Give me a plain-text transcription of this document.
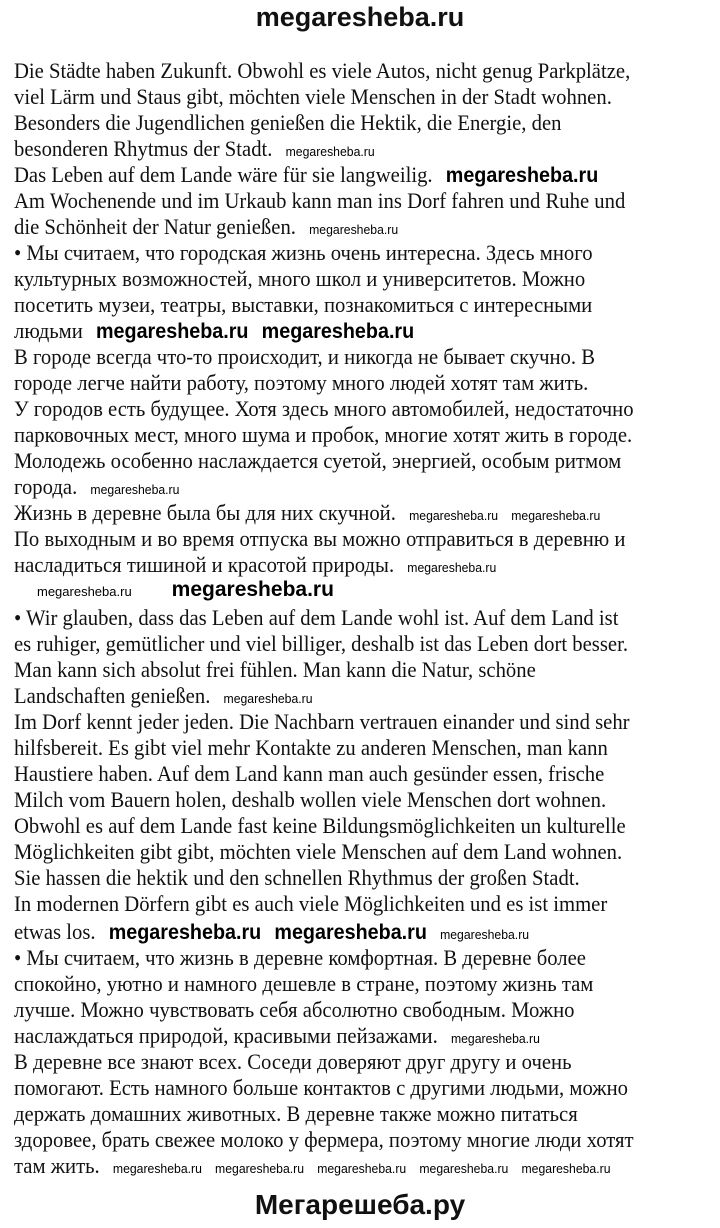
megaresheba.ru
Мегарешеба.ру
Die Städte haben Zukunft. Obwohl es viele Autos, nicht genug Parkplätze,
viel Lärm und Staus gibt, möchten viele Menschen in der Stadt wohnen.
Besonders die Jugendlichen genießen die Hektik, die Energie, den
besonderen Rhytmus der Stadt. megaresheba.ru
Das Leben auf dem Lande wäre für sie langweilig. megaresheba.ru
Am Wochenende und im Urkaub kann man ins Dorf fahren und Ruhe und
die Schönheit der Natur genießen. megaresheba.ru
• Мы считаем, что городская жизнь очень интересна. Здесь много
культурных возможностей, много школ и университетов. Можно
посетить музеи, театры, выставки, познакомиться с интересными
людьми megaresheba.ru megaresheba.ru
В городе всегда что-то происходит, и никогда не бывает скучно. В
городе легче найти работу, поэтому много людей хотят там жить.
У городов есть будущее. Хотя здесь много автомобилей, недостаточно
парковочных мест, много шума и пробок, многие хотят жить в городе.
Молодежь особенно наслаждается суетой, энергией, особым ритмом
города. megaresheba.ru
Жизнь в деревне была бы для них скучной. megaresheba.ru megaresheba.ru
По выходным и во время отпуска вы можно отправиться в деревню и
насладиться тишиной и красотой природы. megaresheba.ru
• Wir glauben, dass das Leben auf dem Lande wohl ist. Auf dem Land ist
es ruhiger, gemütlicher und viel billiger, deshalb ist das Leben dort besser.
Man kann sich absolut frei fühlen. Man kann die Natur, schöne
Landschaften genießen. megaresheba.ru
Im Dorf kennt jeder jeden. Die Nachbarn vertrauen einander und sind sehr
hilfsbereit. Es gibt viel mehr Kontakte zu anderen Menschen, man kann
Haustiere haben. Auf dem Land kann man auch gesünder essen, frische
Milch vom Bauern holen, deshalb wollen viele Menschen dort wohnen.
Obwohl es auf dem Lande fast keine Bildungsmöglichkeiten un kulturelle
Möglichkeiten gibt gibt, möchten viele Menschen auf dem Land wohnen.
Sie hassen die hektik und den schnellen Rhythmus der großen Stadt.
In modernen Dörfern gibt es auch viele Möglichkeiten und es ist immer
etwas los. megaresheba.ru megaresheba.ru megaresheba.ru
• Мы считаем, что жизнь в деревне комфортная. В деревне более
спокойно, уютно и намного дешевле в стране, поэтому жизнь там
лучше. Можно чувствовать себя абсолютно свободным. Можно
наслаждаться природой, красивыми пейзажами. megaresheba.ru
В деревне все знают всех. Соседи доверяют друг другу и очень
помогают. Есть намного больше контактов с другими людьми, можно
держать домашних животных. В деревне также можно питаться
здоровее, брать свежее молоко у фермера, поэтому многие люди хотят
там жить. megaresheba.ru megaresheba.ru megaresheba.ru megaresheba.ru megaresheba.ru
megaresheba.ru megaresheba.ru
